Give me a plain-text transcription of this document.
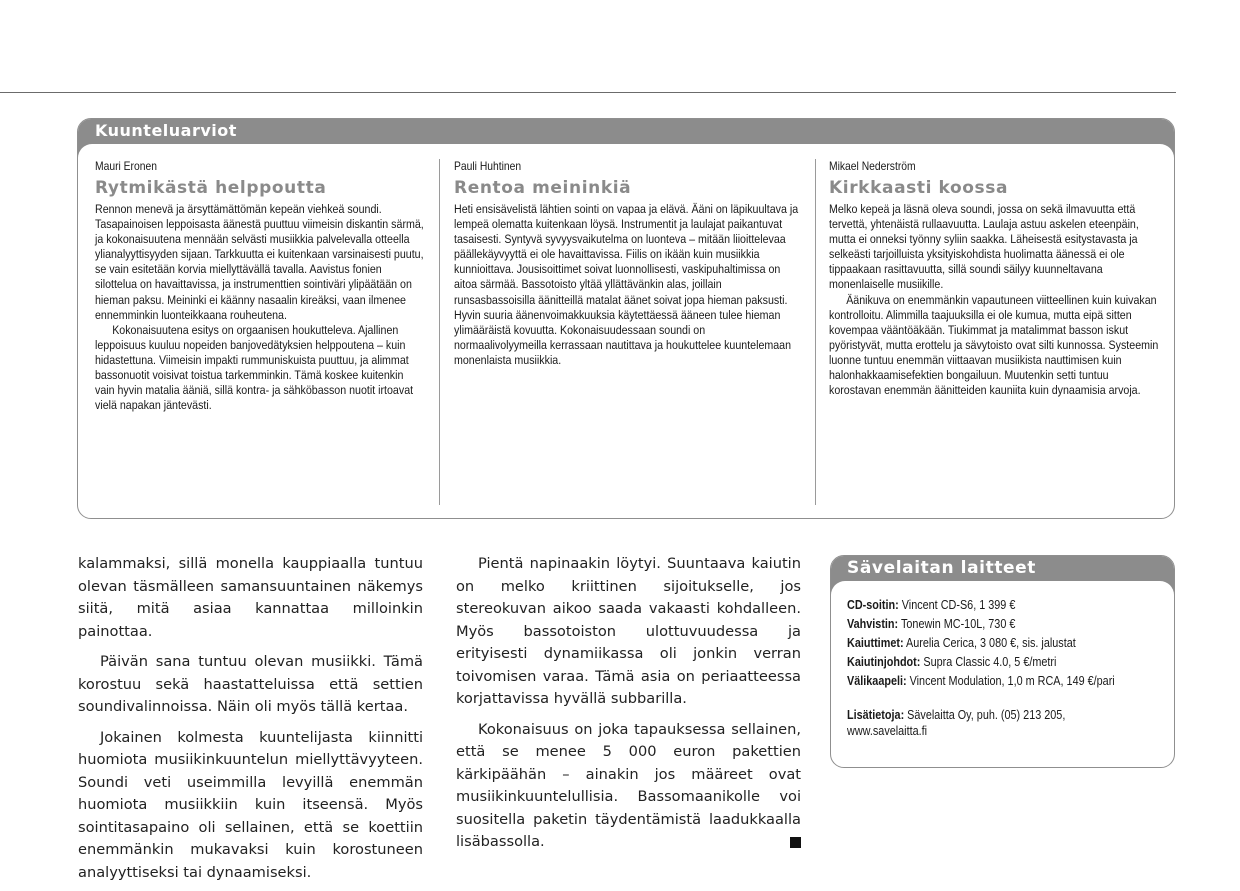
Kuunteluarviot

Mauri Eronen

Rytmikästä helppoutta

Rennon menevä ja ärsyttämättömän kepeän viehkeä soundi. Tasapainoisen leppoisasta äänestä puuttuu viimeisin diskantin särmä, ja kokonaisuutena mennään selvästi musiikkia palvelevalla otteella ylianalyyttisyyden sijaan. Tarkkuutta ei kuitenkaan varsinaisesti puutu, se vain esitetään korvia miellyttävällä tavalla. Aavistus fonien silottelua on havaittavissa, ja instrumenttien sointiväri ylipäätään on hieman paksu. Meininki ei käänny nasaalin kireäksi, vaan ilmenee ennemminkin luonteikkaana rouheutena.

Kokonaisuutena esitys on orgaanisen houkutteleva. Ajallinen leppoisuus kuuluu nopeiden banjovedätyksien helppoutena – kuin hidastettuna. Viimeisin impakti rummuniskuista puuttuu, ja alimmat bassonuotit voisivat toistua tarkemminkin. Tämä koskee kuitenkin vain hyvin matalia ääniä, sillä kontra- ja sähköbasson nuotit irtoavat vielä napakan jäntevästi.

Pauli Huhtinen

Rentoa meininkiä

Heti ensisävelistä lähtien sointi on vapaa ja elävä. Ääni on läpikuultava ja lempeä olematta kuitenkaan löysä. Instrumentit ja laulajat paikantuvat tasaisesti. Syntyvä syvyysvaikutelma on luonteva – mitään liioittelevaa päällekäyvyyttä ei ole havaittavissa. Fiilis on ikään kuin musiikkia kunnioittava. Jousisoittimet soivat luonnollisesti, vaskipuhaltimissa on aitoa särmää. Bassotoisto yltää yllättävänkin alas, joillain runsasbassoisilla äänitteillä matalat äänet soivat jopa hieman paksusti. Hyvin suuria äänenvoimakkuuksia käytettäessä ääneen tulee hieman ylimääräistä kovuutta. Kokonaisuudessaan soundi on normaalivolyymeilla kerrassaan nautittava ja houkuttelee kuuntelemaan monenlaista musiikkia.

Mikael Nederström

Kirkkaasti koossa

Melko kepeä ja läsnä oleva soundi, jossa on sekä ilmavuutta että tervettä, yhtenäistä rullaavuutta. Laulaja astuu askelen eteenpäin, mutta ei onneksi työnny syliin saakka. Läheisestä esitystavasta ja selkeästi tarjoilluista yksityiskohdista huolimatta äänessä ei ole tippaakaan rasittavuutta, sillä soundi säilyy kuunneltavana monenlaiselle musiikille.

Äänikuva on enemmänkin vapautuneen viitteellinen kuin kuivakan kontrolloitu. Alimmilla taajuuksilla ei ole kumua, mutta eipä sitten kovempaa vääntöäkään. Tiukimmat ja matalimmat basson iskut pyöristyvät, mutta erottelu ja sävytoisto ovat silti kunnossa. Systeemin luonne tuntuu enemmän viittaavan musiikista nauttimisen kuin halonhakkaamisefektien bongailuun. Muutenkin setti tuntuu korostavan enemmän äänitteiden kauniita kuin dynaamisia arvoja.

kalammaksi, sillä monella kauppiaalla tuntuu olevan täsmälleen samansuuntainen näkemys siitä, mitä asiaa kannattaa milloinkin painottaa.

Päivän sana tuntuu olevan musiikki. Tämä korostuu sekä haastatteluissa että settien soundivalinnoissa. Näin oli myös tällä kertaa.

Jokainen kolmesta kuuntelijasta kiinnitti huomiota musiikinkuuntelun miellyttävyyteen. Soundi veti useimmilla levyillä enemmän huomiota musiikkiin kuin itseensä. Myös sointitasapaino oli sellainen, että se koettiin enemmänkin mukavaksi kuin korostuneen analyyttiseksi tai dynaamiseksi.

Pientä napinaakin löytyi. Suuntaava kaiutin on melko kriittinen sijoitukselle, jos stereokuvan aikoo saada vakaasti kohdalleen. Myös bassotoiston ulottuvuudessa ja erityisesti dynamiikassa oli jonkin verran toivomisen varaa. Tämä asia on periaatteessa korjattavissa hyvällä subbarilla.

Kokonaisuus on joka tapauksessa sellainen, että se menee 5 000 euron pakettien kärkipäähän – ainakin jos määreet ovat musiikinkuuntelullisia. Bassomaanikolle voi suositella paketin täydentämistä laadukkaalla lisäbassolla.

Sävelaitan laitteet
CD-soitin: Vincent CD-S6, 1 399 €
Vahvistin: Tonewin MC-10L, 730 €
Kaiuttimet: Aurelia Cerica, 3 080 €, sis. jalustat
Kaiutinjohdot: Supra Classic 4.0, 5 €/metri
Välikaapeli: Vincent Modulation, 1,0 m RCA, 149 €/pari
Lisätietoja: Sävelaitta Oy, puh. (05) 213 205,
www.savelaitta.fi
